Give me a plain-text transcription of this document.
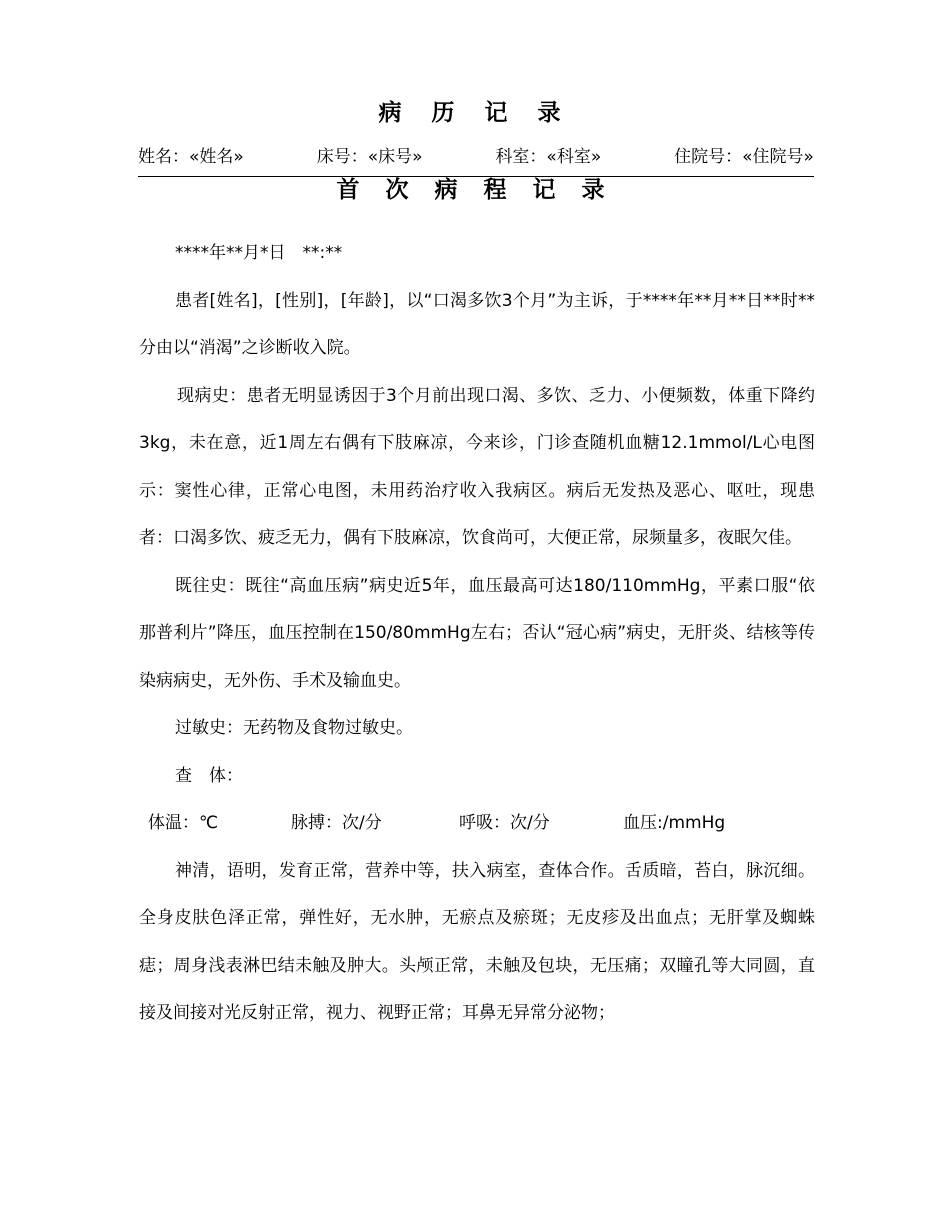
病 历 记 录
姓名：«姓名»	床号：«床号»	科室：«科室»	住院号：«住院号»
首 次 病 程 记 录

****年**月*日　**:**

患者[姓名]，[性别]，[年龄]，以“口渴多饮3个月”为主诉，于****年**月**日**时**分由以“消渴”之诊断收入院。

现病史：患者无明显诱因于3个月前出现口渴、多饮、乏力、小便频数，体重下降约3kg，未在意，近1周左右偶有下肢麻凉，今来诊，门诊查随机血糖12.1mmol/L心电图示：窦性心律，正常心电图，未用药治疗收入我病区。病后无发热及恶心、呕吐，现患者：口渴多饮、疲乏无力，偶有下肢麻凉，饮食尚可，大便正常，尿频量多，夜眠欠佳。

既往史：既往“高血压病”病史近5年，血压最高可达180/110mmHg，平素口服“依那普利片”降压，血压控制在150/80mmHg左右；否认“冠心病”病史，无肝炎、结核等传染病病史，无外伤、手术及输血史。

过敏史：无药物及食物过敏史。

查　体：

体温：℃	脉搏：次/分	呼吸：次/分	血压:/mmHg

神清，语明，发育正常，营养中等，扶入病室，查体合作。舌质暗，苔白，脉沉细。全身皮肤色泽正常，弹性好，无水肿，无瘀点及瘀斑；无皮疹及出血点；无肝掌及蜘蛛痣；周身浅表淋巴结未触及肿大。头颅正常，未触及包块，无压痛；双瞳孔等大同圆，直接及间接对光反射正常，视力、视野正常；耳鼻无异常分泌物；
